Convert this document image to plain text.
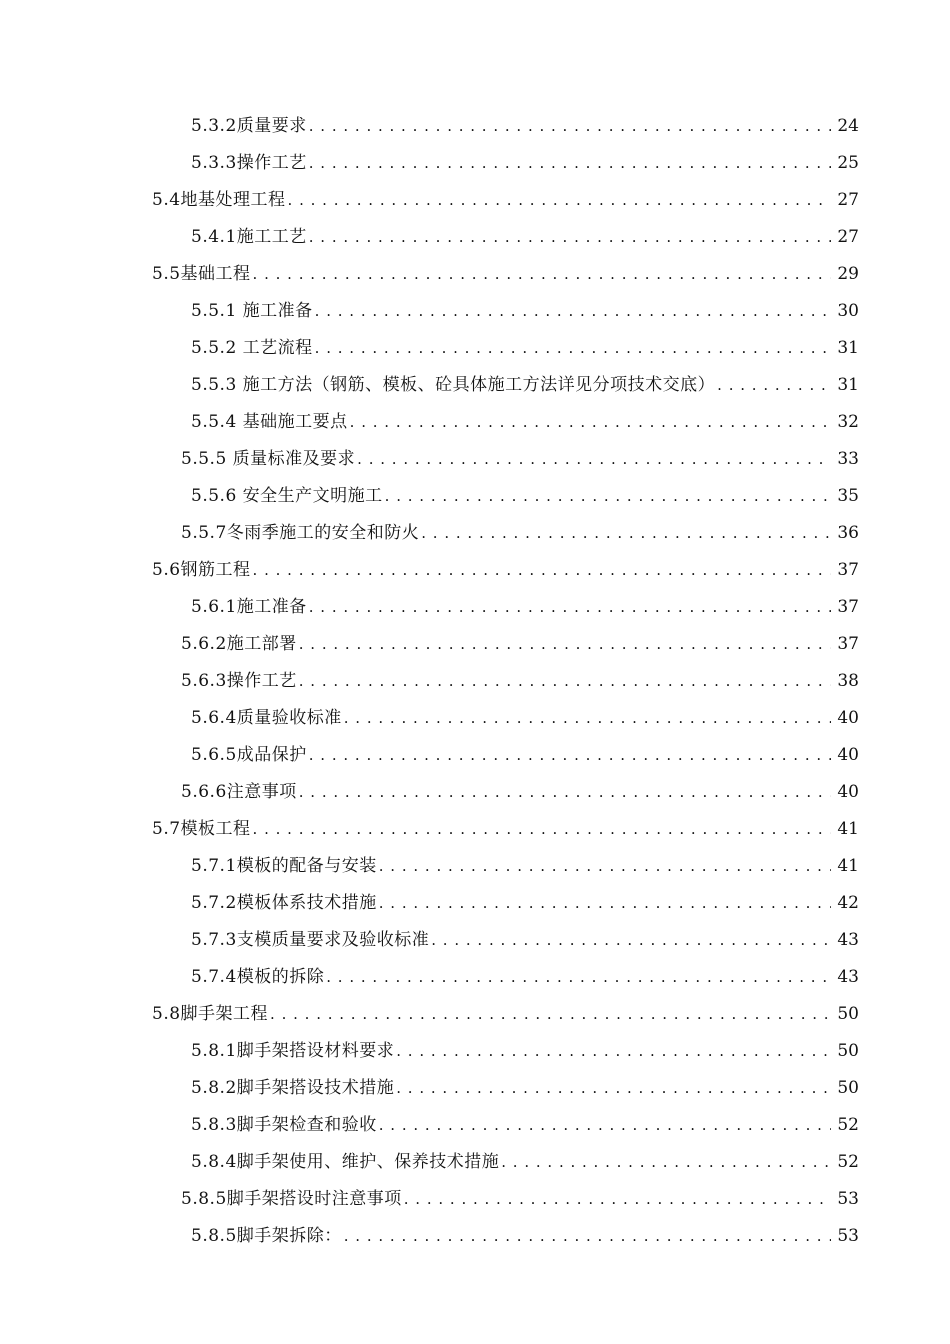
5.3.2质量要求 . . .	24
5.3.3操作工艺 . . .	25
5.4地基处理工程 . . .	27
5.4.1施工工艺 . . .	27
5.5基础工程 . . .	29
5.5.1 施工准备 . . .	30
5.5.2 工艺流程 . . .	31
5.5.3 施工方法（钢筋、模板、砼具体施工方法详见分项技术交底） . . .	31
5.5.4 基础施工要点 . . .	32
5.5.5 质量标准及要求 . . .	33
5.5.6 安全生产文明施工 . . .	35
5.5.7冬雨季施工的安全和防火 . . .	36
5.6钢筋工程 . . .	37
5.6.1施工准备 . . .	37
5.6.2施工部署 . . .	37
5.6.3操作工艺 . . .	38
5.6.4质量验收标准 . . .	40
5.6.5成品保护 . . .	40
5.6.6注意事项 . . .	40
5.7模板工程 . . .	41
5.7.1模板的配备与安装 . . .	41
5.7.2模板体系技术措施 . . .	42
5.7.3支模质量要求及验收标准 . . .	43
5.7.4模板的拆除 . . .	43
5.8脚手架工程 . . .	50
5.8.1脚手架搭设材料要求 . . .	50
5.8.2脚手架搭设技术措施 . . .	50
5.8.3脚手架检查和验收 . . .	52
5.8.4脚手架使用、维护、保养技术措施 . . .	52
5.8.5脚手架搭设时注意事项 . . .	53
5.8.5脚手架拆除： . . .	53
